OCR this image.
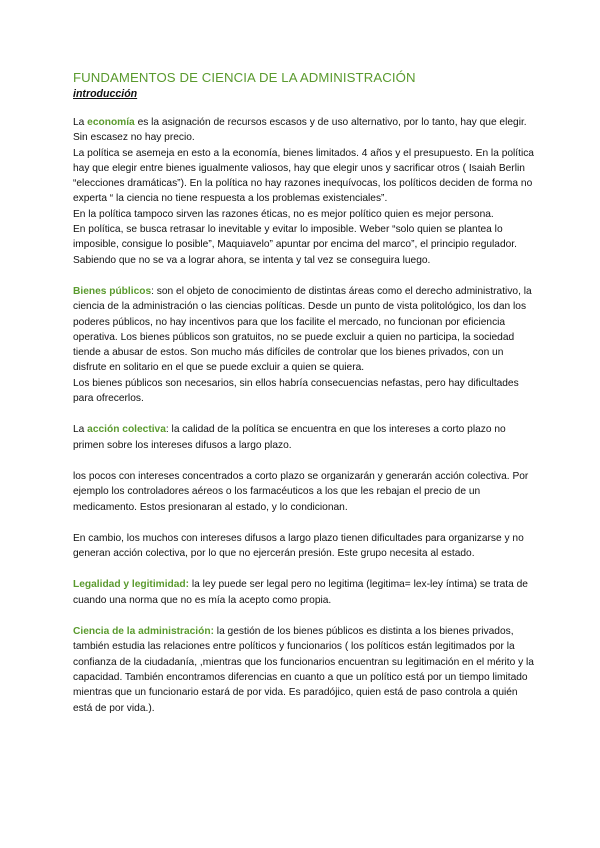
FUNDAMENTOS DE CIENCIA DE LA ADMINISTRACIÓN
introducción

La economía es la asignación de recursos escasos y de uso alternativo, por lo tanto, hay que elegir. Sin escasez no hay precio.

La política se asemeja en esto a la economía, bienes limitados. 4 años y el presupuesto. En la política hay que elegir entre bienes igualmente valiosos, hay que elegir unos y sacrificar otros ( Isaiah Berlin “elecciones dramáticas”). En la política no hay razones inequívocas, los políticos deciden de forma no experta “ la ciencia no tiene respuesta a los problemas existenciales”.

En la política tampoco sirven las razones éticas, no es mejor político quien es mejor persona.

En política, se busca retrasar lo inevitable y evitar lo imposible. Weber “solo quien se plantea lo imposible, consigue lo posible”, Maquiavelo” apuntar por encima del marco”, el principio regulador. Sabiendo que no se va a lograr ahora, se intenta y tal vez se conseguira luego.

Bienes públicos: son el objeto de conocimiento de distintas áreas como el derecho administrativo, la ciencia de la administración o las ciencias políticas. Desde un punto de vista politológico, los dan los poderes públicos, no hay incentivos para que los facilite el mercado, no funcionan por eficiencia operativa. Los bienes públicos son gratuitos, no se puede excluir a quien no participa, la sociedad tiende a abusar de estos. Son mucho más difíciles de controlar que los bienes privados, con un disfrute en solitario en el que se puede excluir a quien se quiera.

Los bienes públicos son necesarios, sin ellos habría consecuencias nefastas, pero hay dificultades para ofrecerlos.

La acción colectiva: la calidad de la política se encuentra en que los intereses a corto plazo no primen sobre los intereses difusos a largo plazo.

los pocos con intereses concentrados a corto plazo se organizarán y generarán acción colectiva. Por ejemplo los controladores aéreos o los farmacéuticos a los que les rebajan el precio de un medicamento. Estos presionaran al estado, y lo condicionan.

En cambio, los muchos con intereses difusos a largo plazo tienen dificultades para organizarse y no generan acción colectiva, por lo que no ejercerán presión. Este grupo necesita al estado.

Legalidad y legitimidad: la ley puede ser legal pero no legitima (legitima= lex-ley íntima) se trata de cuando una norma que no es mía la acepto como propia.

Ciencia de la administración: la gestión de los bienes públicos es distinta a los bienes privados, también estudia las relaciones entre políticos y funcionarios ( los políticos están legitimados por la confianza de la ciudadanía, ,mientras que los funcionarios encuentran su legitimación en el mérito y la capacidad. También encontramos diferencias en cuanto a que un político está por un tiempo limitado mientras que un funcionario estará de por vida. Es paradójico, quien está de paso controla a quién está de por vida.).
